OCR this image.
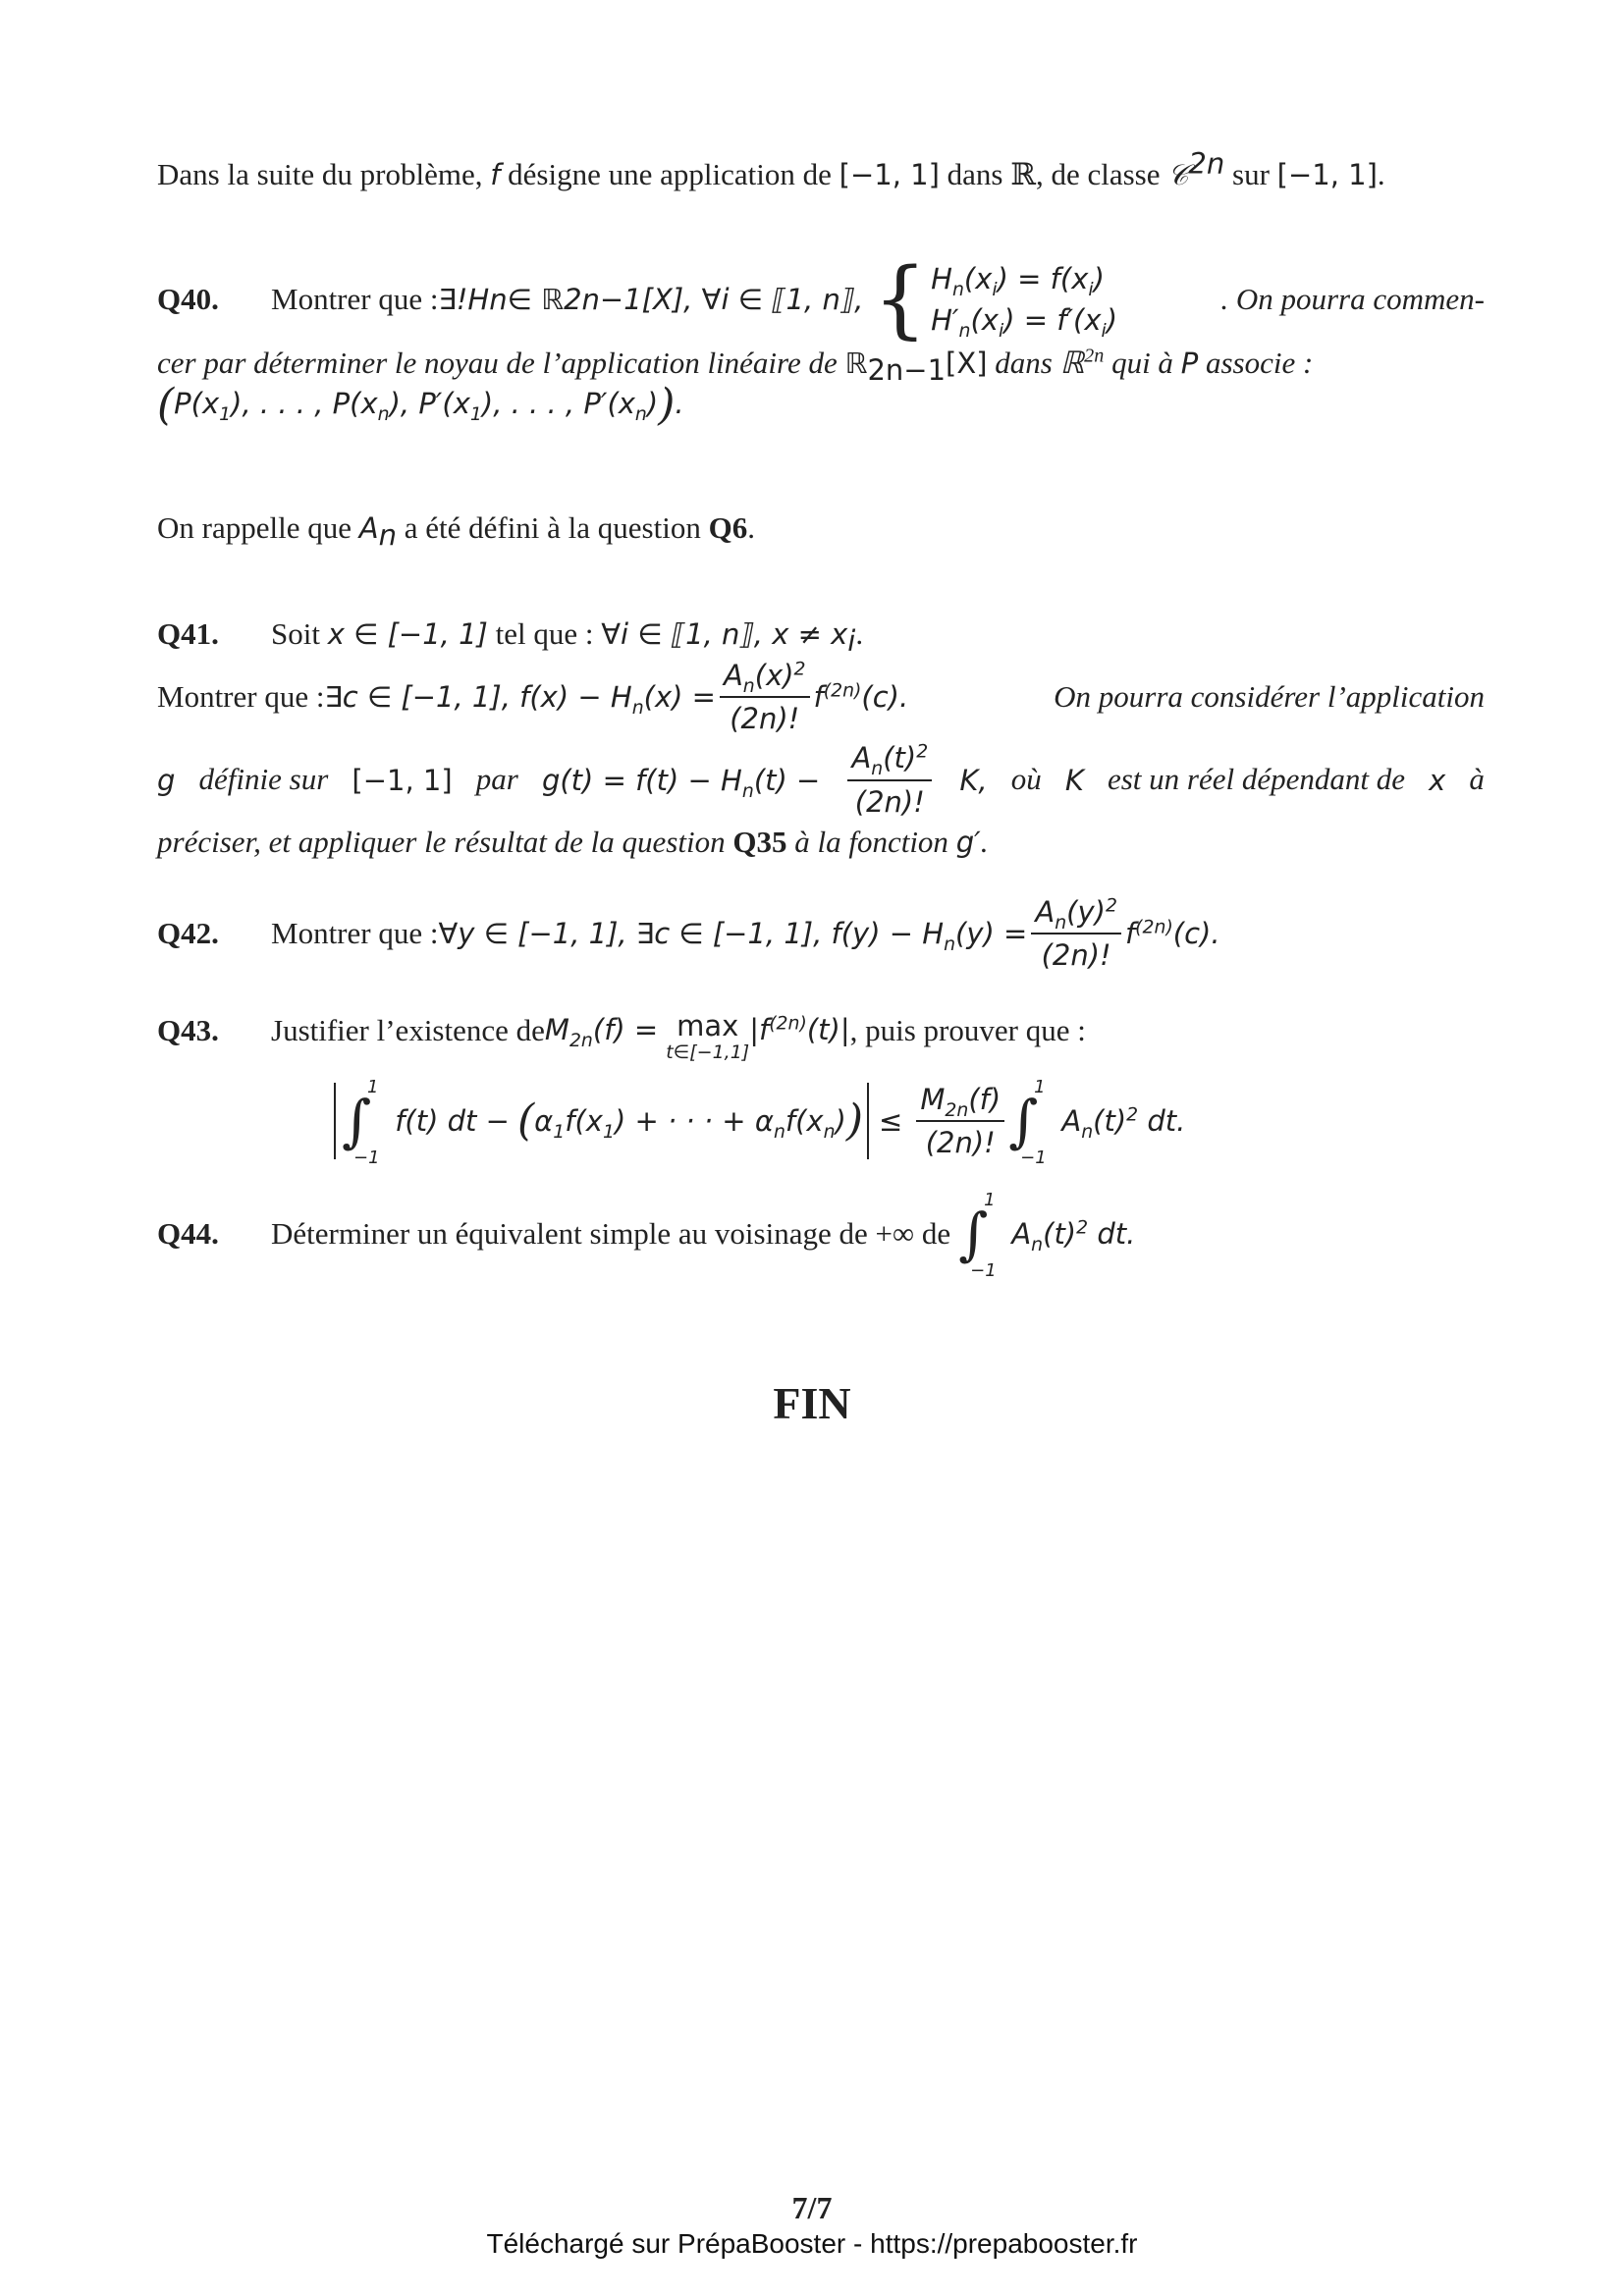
Dans la suite du problème, f désigne une application de [−1, 1] dans ℝ, de classe 𝒞$^{2n}$ sur [−1, 1].
Q40.	Montrer que : ∃!H n ∈ ℝ 2n−1 [X], ∀i ∈ ⟦1, n⟧, { $H_n(x_i) = f(x_i)$
$H'_n(x_i) = f'(x_i)$
. On pourra commen-
cer par déterminer le noyau de l’application linéaire de ℝ$_{2n-1}$[X] dans ℝ$^{2n}$ qui à P associe :
($P(x_1)$, . . . , $P(x_n)$, $P'(x_1)$, . . . , $P'(x_n)$).
On rappelle que $A_n$ a été défini à la question Q6.
Q41. Soit x ∈ [−1, 1] tel que : ∀i ∈ ⟦1, n⟧, $x \ne x_i$.
Montrer que : ∃c ∈ [−1, 1], $f(x) - H_n(x) = \frac{A_n(x)^2}{(2n)!} f^{(2n)}(c)$.	On pourra considérer l’application
g définie sur [−1, 1] par $g(t) = f(t) - H_n(t) - \frac{A_n(t)^2}{(2n)!} K$, où K est un réel dépendant de x à
préciser, et appliquer le résultat de la question Q35 à la fonction g′.
Q42.	Montrer que : ∀y ∈ [−1, 1], ∃c ∈ [−1, 1], $f(y) - H_n(y) = \frac{A_n(y)^2}{(2n)!} f^{(2n)}(c)$.
Q43.	Justifier l’existence de $M_{2n}(f) = \max$
t∈[−1,1]
$|f^{(2n)}(t)|$ , puis prouver que :
∫
1
−1
f(t) dt − ( $\alpha_1f(x_1)$ + · · · + $\alpha_nf(x_n)$ ) ≤ $\frac{M_{2n}(f)}{(2n)!}$ ∫
1
−1
$A_n(t)^2$ dt.
Q44.	Déterminer un équivalent simple au voisinage de +∞ de ∫
1
−1
$A_n(t)^2$ dt.
FIN
7/7
Téléchargé sur PrépaBooster - https://prepabooster.fr
